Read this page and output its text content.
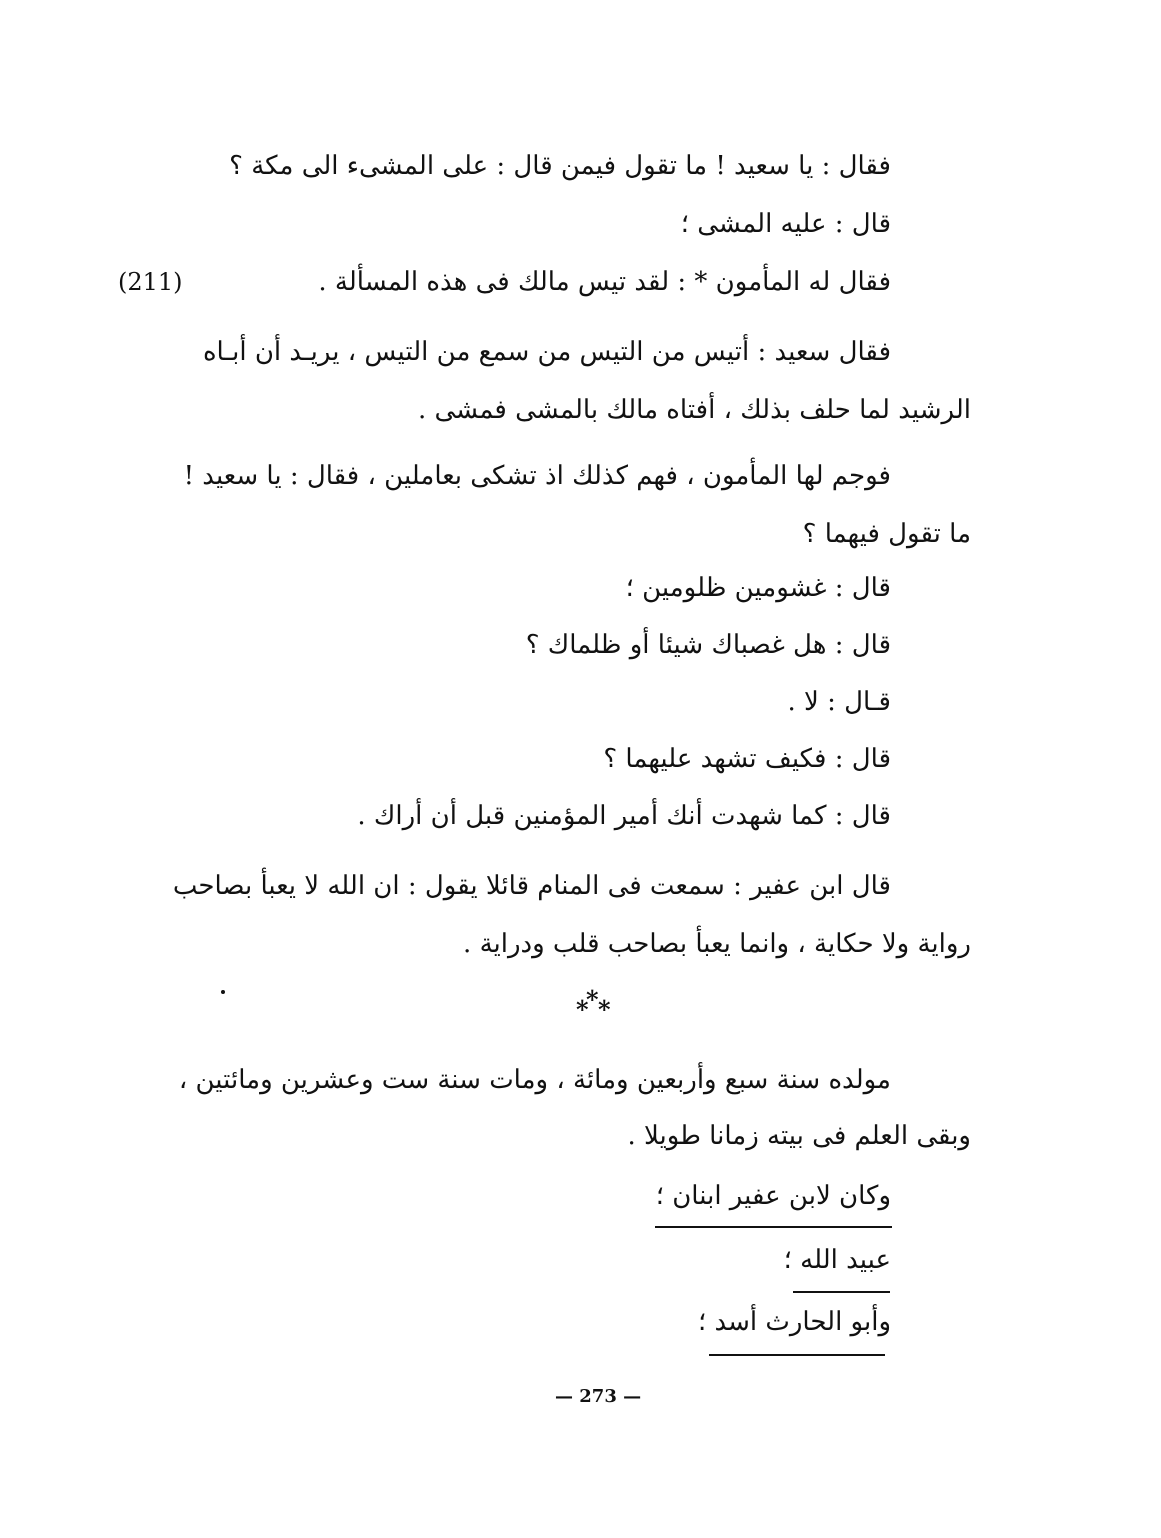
فقال : يا سعيد ! ما تقول فيمن قال : على المشىء الى مكة ؟
قال : عليه المشى ؛
فقال له المأمون * : لقد تيس مالك فى هذه المسألة .
(211)
فقال سعيد : أتيس من التيس من سمع من التيس ، يريـد أن أبـاه
الرشيد لما حلف بذلك ، أفتاه مالك بالمشى فمشى .
فوجم لها المأمون ، فهم كذلك اذ تشكى بعاملين ، فقال : يا سعيد !
ما تقول فيهما ؟
قال : غشومين ظلومين ؛
قال : هل غصباك شيئا أو ظلماك ؟
قـال : لا .
قال : فكيف تشهد عليهما ؟
قال : كما شهدت أنك أمير المؤمنين قبل أن أراك .
قال ابن عفير : سمعت فى المنام قائلا يقول : ان الله لا يعبأ بصاحب
رواية ولا حكاية ، وانما يعبأ بصاحب قلب ودراية .
*
* *
مولده سنة سبع وأربعين ومائة ، ومات سنة ست وعشرين ومائتين ،
وبقى العلم فى بيته زمانا طويلا .
وكان لابن عفير ابنان ؛
عبيد الله ؛
وأبو الحارث أسد ؛
— 273 —
